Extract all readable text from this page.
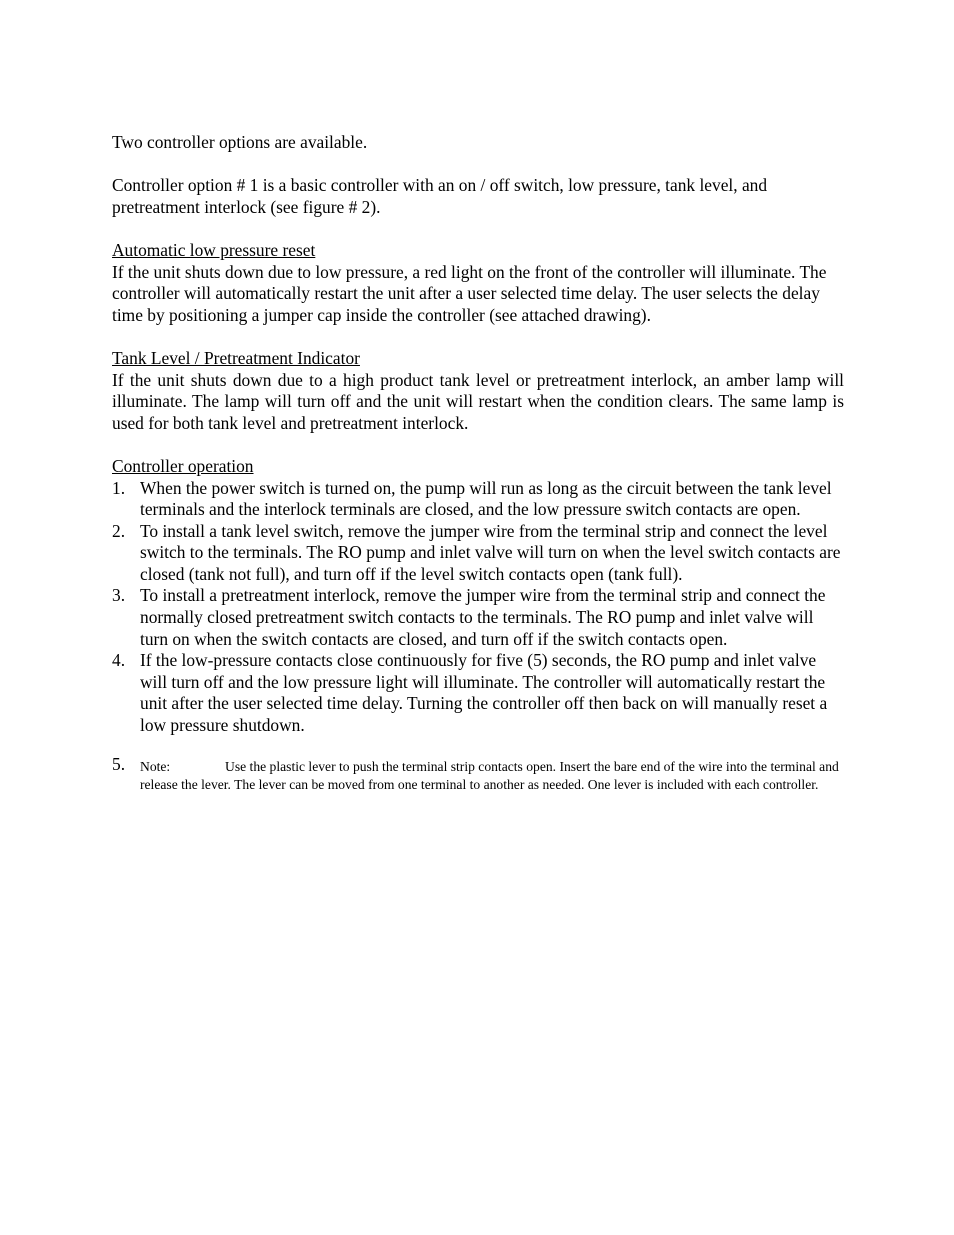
Two controller options are available.

Controller option # 1 is a basic controller with an on / off switch, low pressure, tank level, and pretreatment interlock (see figure # 2).

Automatic low pressure reset
If the unit shuts down due to low pressure, a red light on the front of the controller will illuminate. The controller will automatically restart the unit after a user selected time delay. The user selects the delay time by positioning a jumper cap inside the controller (see attached drawing).

Tank Level / Pretreatment Indicator
If the unit shuts down due to a high product tank level or pretreatment interlock, an amber lamp will illuminate. The lamp will turn off and the unit will restart when the condition clears. The same lamp is used for both tank level and pretreatment interlock.

Controller operation
1. When the power switch is turned on, the pump will run as long as the circuit between the tank level terminals and the interlock terminals are closed, and the low pressure switch contacts are open.
2. To install a tank level switch, remove the jumper wire from the terminal strip and connect the level switch to the terminals. The RO pump and inlet valve will turn on when the level switch contacts are closed (tank not full), and turn off if the level switch contacts open (tank full).
3. To install a pretreatment interlock, remove the jumper wire from the terminal strip and connect the normally closed pretreatment switch contacts to the terminals. The RO pump and inlet valve will turn on when the switch contacts are closed, and turn off if the switch contacts open.
4. If the low-pressure contacts close continuously for five (5) seconds, the RO pump and inlet valve will turn off and the low pressure light will illuminate. The controller will automatically restart the unit after the user selected time delay. Turning the controller off then back on will manually reset a low pressure shutdown.
5. Note:	Use the plastic lever to push the terminal strip contacts open. Insert the bare end of the wire into the terminal and release the lever. The lever can be moved from one terminal to another as needed. One lever is included with each controller.
